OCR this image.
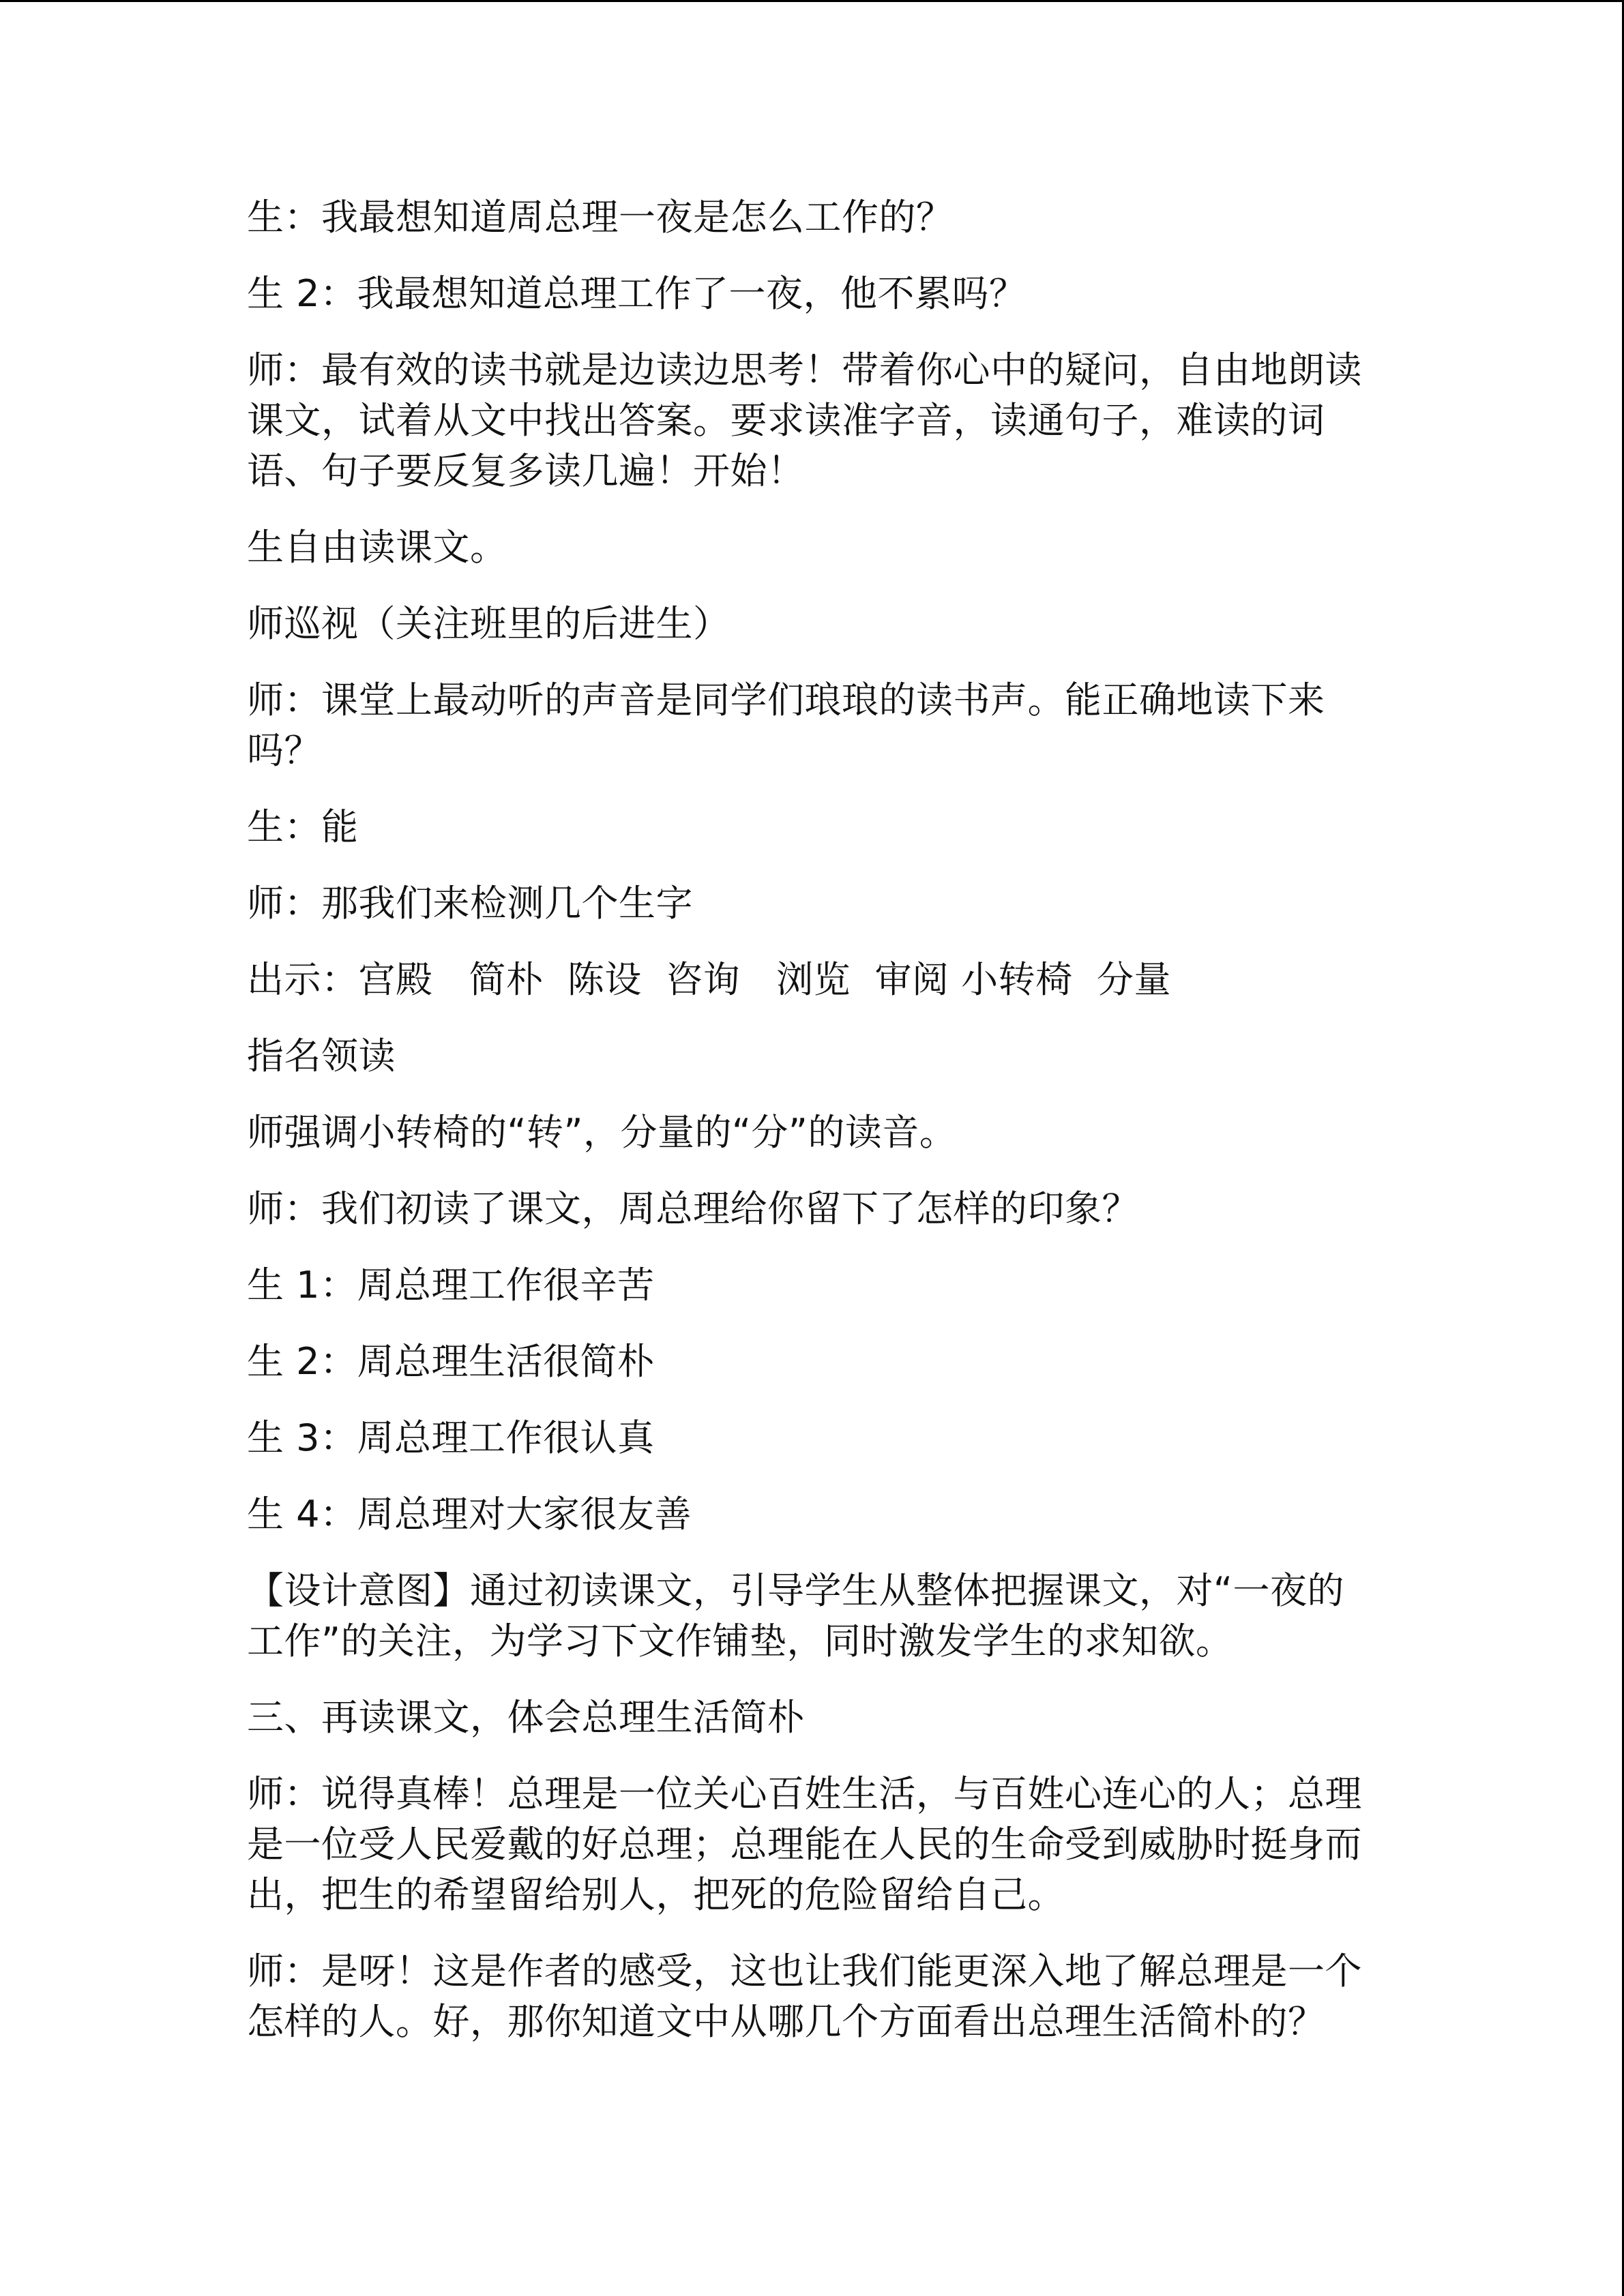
生：我最想知道周总理一夜是怎么工作的？

生 2：我最想知道总理工作了一夜，他不累吗？

师：最有效的读书就是边读边思考！带着你心中的疑问，自由地朗读课文，试着从文中找出答案。要求读准字音，读通句子，难读的词语、句子要反复多读几遍！开始！

生自由读课文。

师巡视（关注班里的后进生）

师：课堂上最动听的声音是同学们琅琅的读书声。能正确地读下来吗？

生：能

师：那我们来检测几个生字

出示：宫殿   简朴  陈设  咨询   浏览  审阅 小转椅  分量

指名领读

师强调小转椅的“转”，分量的“分”的读音。

师：我们初读了课文，周总理给你留下了怎样的印象？

生 1：周总理工作很辛苦

生 2：周总理生活很简朴

生 3：周总理工作很认真

生 4：周总理对大家很友善

【设计意图】通过初读课文，引导学生从整体把握课文，对“一夜的工作”的关注，为学习下文作铺垫，同时激发学生的求知欲。

三、再读课文，体会总理生活简朴

师：说得真棒！总理是一位关心百姓生活，与百姓心连心的人；总理是一位受人民爱戴的好总理；总理能在人民的生命受到威胁时挺身而出，把生的希望留给别人，把死的危险留给自己。

师：是呀！这是作者的感受，这也让我们能更深入地了解总理是一个怎样的人。好，那你知道文中从哪几个方面看出总理生活简朴的？
